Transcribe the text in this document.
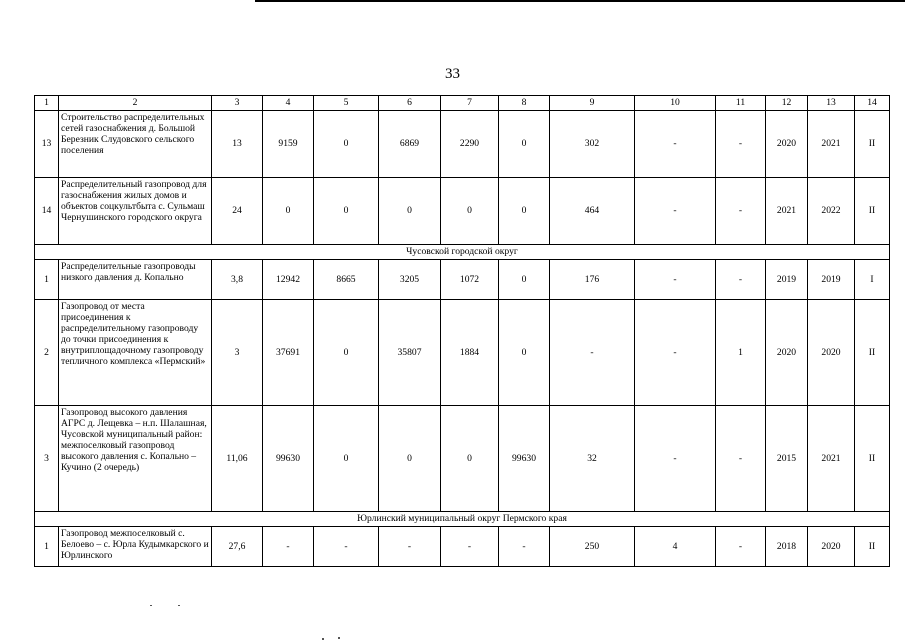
33
1	2	3	4	5	6	7	8	9	10	11	12	13	14
13	Строительство распределительных сетей газоснабжения д. Большой Березник Слудовского сельского поселения	13	9159	0	6869	2290	0	302	-	-	2020	2021	II
14	Распределительный газопровод для газоснабжения жилых домов и объектов соцкультбыта с. Сульмаш Чернушинского городского округа	24	0	0	0	0	0	464	-	-	2021	2022	II
Чусовской городской округ													
1	Распределительные газопроводы низкого давления д. Копально	3,8	12942	8665	3205	1072	0	176	-	-	2019	2019	I
2	Газопровод от места присоединения к распределительному газопроводу до точки присоединения к внутриплощадочному газопроводу тепличного комплекса «Пермский»	3	37691	0	35807	1884	0	-	-	1	2020	2020	II
3	Газопровод высокого давления АГРС д. Лещевка – н.п. Шалашная, Чусовской муниципальный район: межпоселковый газопровод высокого давления с. Копально – Кучино (2 очередь)	11,06	99630	0	0	0	99630	32	-	-	2015	2021	II
Юрлинский муниципальный округ Пермского края													
1	Газопровод межпоселковый с. Белоево – с. Юрла Кудымкарского и Юрлинского	27,6	-	-	-	-	-	250	4	-	2018	2020	II
